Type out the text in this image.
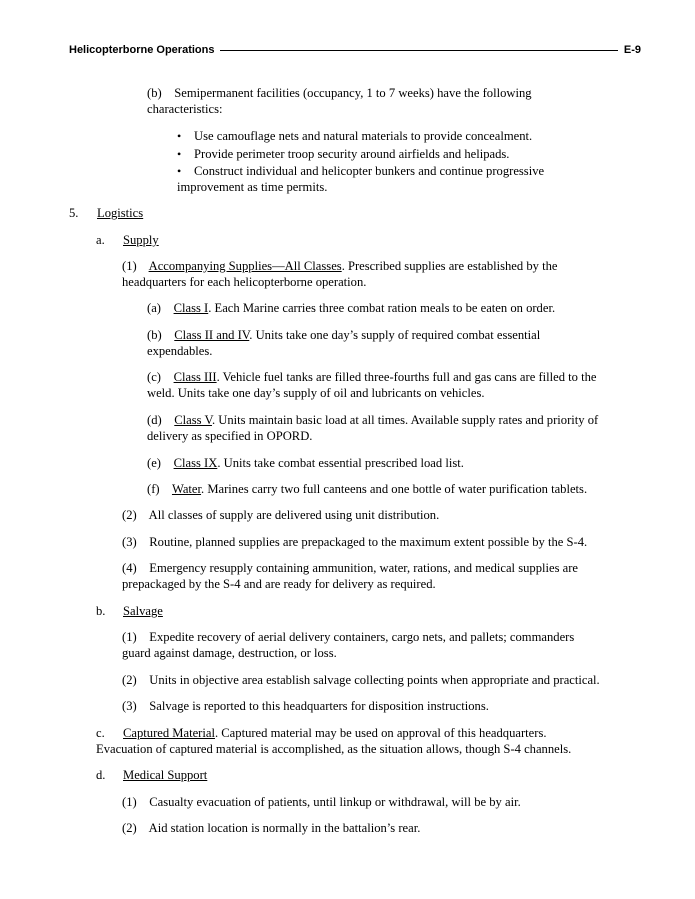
Helicopterborne Operations	E-9
(b) Semipermanent facilities (occupancy, 1 to 7 weeks) have the following
characteristics:
• Use camouflage nets and natural materials to provide concealment.
• Provide perimeter troop security around airfields and helipads.
• Construct individual and helicopter bunkers and continue progressive
improvement as time permits.
5. Logistics
a. Supply
(1) Accompanying Supplies—All Classes. Prescribed supplies are established by the
headquarters for each helicopterborne operation.
(a) Class I. Each Marine carries three combat ration meals to be eaten on order.
(b) Class II and IV. Units take one day’s supply of required combat essential
expendables.
(c) Class III. Vehicle fuel tanks are filled three-fourths full and gas cans are filled to the
weld. Units take one day’s supply of oil and lubricants on vehicles.
(d) Class V. Units maintain basic load at all times. Available supply rates and priority of
delivery as specified in OPORD.
(e) Class IX. Units take combat essential prescribed load list.
(f) Water. Marines carry two full canteens and one bottle of water purification tablets.
(2) All classes of supply are delivered using unit distribution.
(3) Routine, planned supplies are prepackaged to the maximum extent possible by the S-4.
(4) Emergency resupply containing ammunition, water, rations, and medical supplies are
prepackaged by the S-4 and are ready for delivery as required.
b. Salvage
(1) Expedite recovery of aerial delivery containers, cargo nets, and pallets; commanders
guard against damage, destruction, or loss.
(2) Units in objective area establish salvage collecting points when appropriate and practical.
(3) Salvage is reported to this headquarters for disposition instructions.
c. Captured Material. Captured material may be used on approval of this headquarters.
Evacuation of captured material is accomplished, as the situation allows, though S-4 channels.
d. Medical Support
(1) Casualty evacuation of patients, until linkup or withdrawal, will be by air.
(2) Aid station location is normally in the battalion’s rear.
